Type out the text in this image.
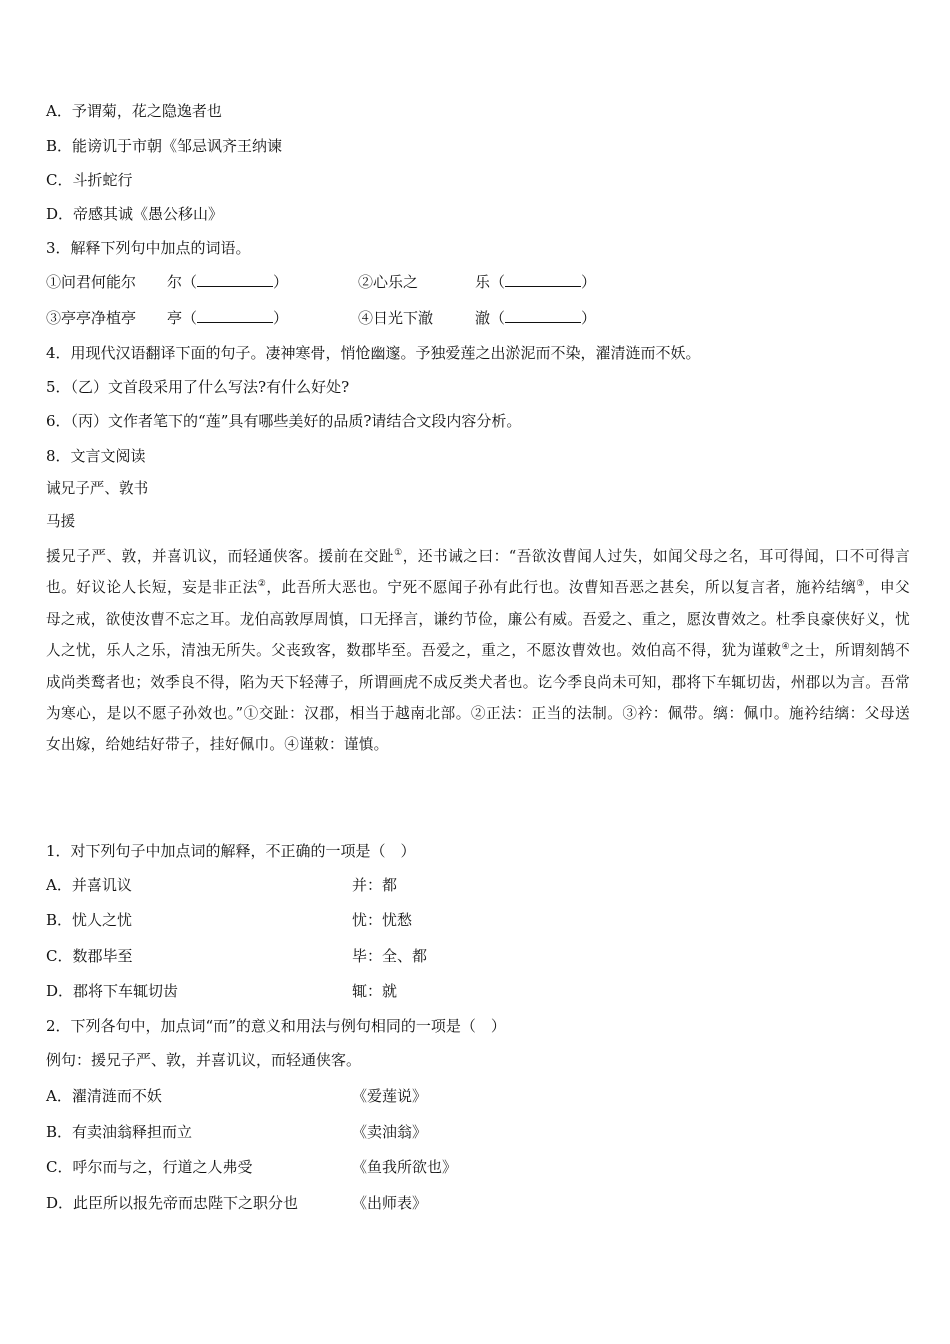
A．予谓菊，花之隐逸者也
B．能谤讥于市朝《邹忌讽齐王纳谏
C．斗折蛇行
D．帝感其诚《愚公移山》
3．解释下列句中加点的词语。
①问君何能尔 尔（	）	②心乐之	乐（	）
③亭亭净植亭 亭（	）	④日光下澈	澈（	）
4．用现代汉语翻译下面的句子。凄神寒骨，悄怆幽邃。予独爱莲之出淤泥而不染，濯清涟而不妖。
5．（乙）文首段采用了什么写法?有什么好处?
6．（丙）文作者笔下的“莲”具有哪些美好的品质?请结合文段内容分析。
8．文言文阅读
诫兄子严、敦书
马援
援兄子严、敦，并喜讥议，而轻通侠客。援前在交趾①，还书诫之曰：“吾欲汝曹闻人过失，如闻父母之名，耳可得闻，口不可得言也。好议论人长短，妄是非正法②，此吾所大恶也。宁死不愿闻子孙有此行也。汝曹知吾恶之甚矣，所以复言者，施衿结缡③，申父母之戒，欲使汝曹不忘之耳。龙伯高敦厚周慎，口无择言，谦约节俭，廉公有威。吾爱之、重之，愿汝曹效之。杜季良豪侠好义，忧人之忧，乐人之乐，清浊无所失。父丧致客，数郡毕至。吾爱之，重之，不愿汝曹效也。效伯高不得，犹为谨敕④之士，所谓刻鹄不成尚类鹜者也；效季良不得，陷为天下轻薄子，所谓画虎不成反类犬者也。讫今季良尚未可知，郡将下车辄切齿，州郡以为言。吾常为寒心，是以不愿子孙效也。”①交趾：汉郡，相当于越南北部。②正法：正当的法制。③衿：佩带。缡：佩巾。施衿结缡：父母送女出嫁，给她结好带子，挂好佩巾。④谨敕：谨慎。
1．对下列句子中加点词的解释，不正确的一项是（　）
A．并喜讥议	并：都
B．忧人之忧	忧：忧愁
C．数郡毕至	毕：全、都
D．郡将下车辄切齿	辄：就
2．下列各句中，加点词“而”的意义和用法与例句相同的一项是（　）
例句：援兄子严、敦，并喜讥议，而轻通侠客。
A．濯清涟而不妖	《爱莲说》
B．有卖油翁释担而立	《卖油翁》
C．呼尔而与之，行道之人弗受	《鱼我所欲也》
D．此臣所以报先帝而忠陛下之职分也	《出师表》
